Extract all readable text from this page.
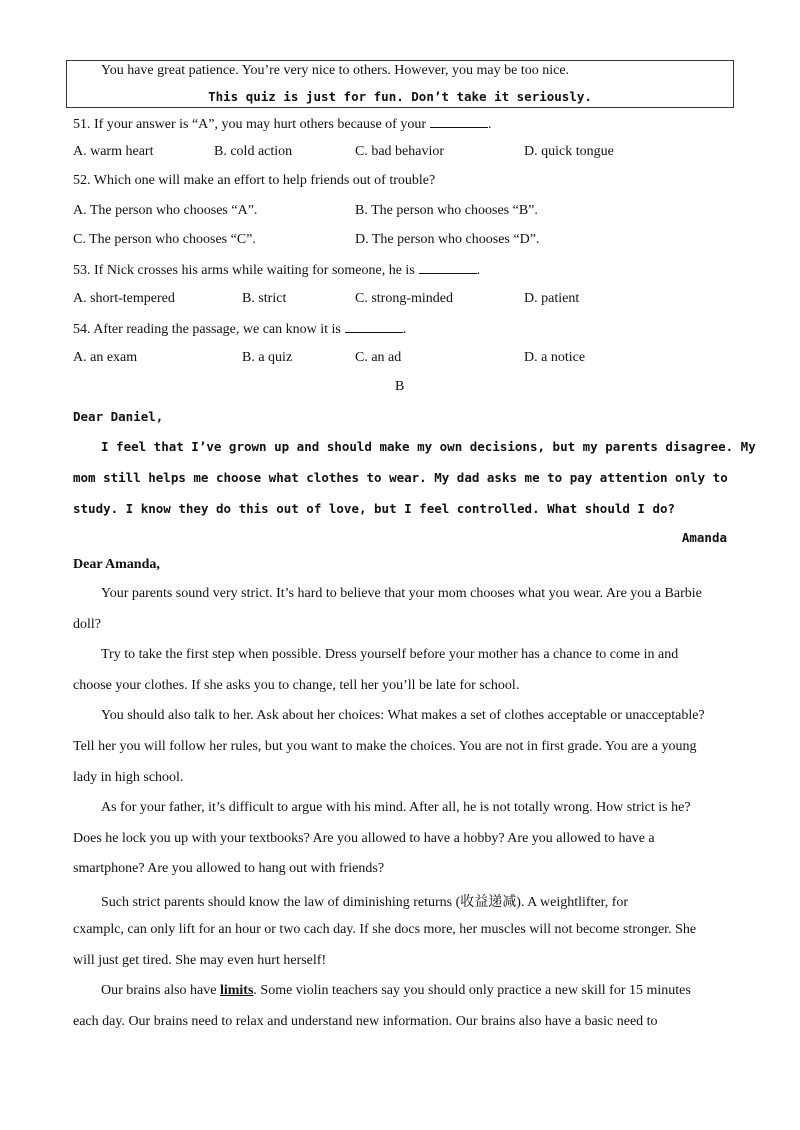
You have great patience. You’re very nice to others. However, you may be too nice.
This quiz is just for fun. Don’t take it seriously.
51. If your answer is “A”, you may hurt others because of your	.
A. warm heart	B. cold action	C. bad behavior	D. quick tongue
52. Which one will make an effort to help friends out of trouble?
A. The person who chooses “A”.	B. The person who chooses “B”.
C. The person who chooses “C”.	D. The person who chooses “D”.
53. If Nick crosses his arms while waiting for someone, he is	.
A. short-tempered	B. strict	C. strong-minded	D. patient
54. After reading the passage, we can know it is	.
A. an exam	B. a quiz	C. an ad	D. a notice
B
Dear Daniel,
I feel that I’ve grown up and should make my own decisions, but my parents disagree. My
mom still helps me choose what clothes to wear. My dad asks me to pay attention only to
study. I know they do this out of love, but I feel controlled. What should I do?
Amanda
Dear Amanda,
Your parents sound very strict. It’s hard to believe that your mom chooses what you wear. Are you a Barbie
doll?
Try to take the first step when possible. Dress yourself before your mother has a chance to come in and
choose your clothes. If she asks you to change, tell her you’ll be late for school.
You should also talk to her. Ask about her choices: What makes a set of clothes acceptable or unacceptable?
Tell her you will follow her rules, but you want to make the choices. You are not in first grade. You are a young
lady in high school.
As for your father, it’s difficult to argue with his mind. After all, he is not totally wrong. How strict is he?
Does he lock you up with your textbooks? Are you allowed to have a hobby? Are you allowed to have a
smartphone? Are you allowed to hang out with friends?
Such strict parents should know the law of diminishing returns (收益递减). A weightlifter, for
cxamplc, can only lift for an hour or two cach day. If she docs more, her muscles will not become stronger. She
will just get tired. She may even hurt herself!
Our brains also have limits. Some violin teachers say you should only practice a new skill for 15 minutes
each day. Our brains need to relax and understand new information. Our brains also have a basic need to
